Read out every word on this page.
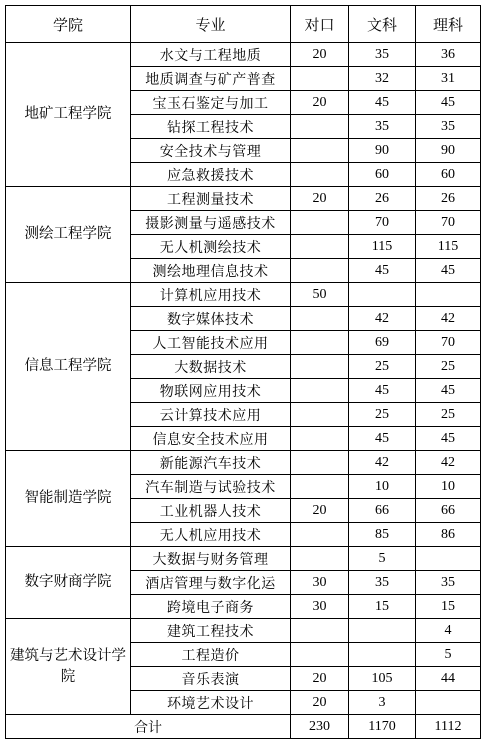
学院	专业	对口	文科	理科
地矿工程学院	水文与工程地质	20	35	36
	地质调查与矿产普查		32	31
	宝玉石鉴定与加工	20	45	45
	钻探工程技术		35	35
	安全技术与管理		90	90
	应急救援技术		60	60
测绘工程学院	工程测量技术	20	26	26
	摄影测量与遥感技术		70	70
	无人机测绘技术		115	115
	测绘地理信息技术		45	45
信息工程学院	计算机应用技术	50		
	数字媒体技术		42	42
	人工智能技术应用		69	70
	大数据技术		25	25
	物联网应用技术		45	45
	云计算技术应用		25	25
	信息安全技术应用		45	45
智能制造学院	新能源汽车技术		42	42
	汽车制造与试验技术		10	10
	工业机器人技术	20	66	66
	无人机应用技术		85	86
数字财商学院	大数据与财务管理		5	
	酒店管理与数字化运	30	35	35
	跨境电子商务	30	15	15
建筑与艺术设计学院	建筑工程技术			4
	工程造价			5
	音乐表演	20	105	44
	环境艺术设计	20	3	
合计		230	1170	1112
